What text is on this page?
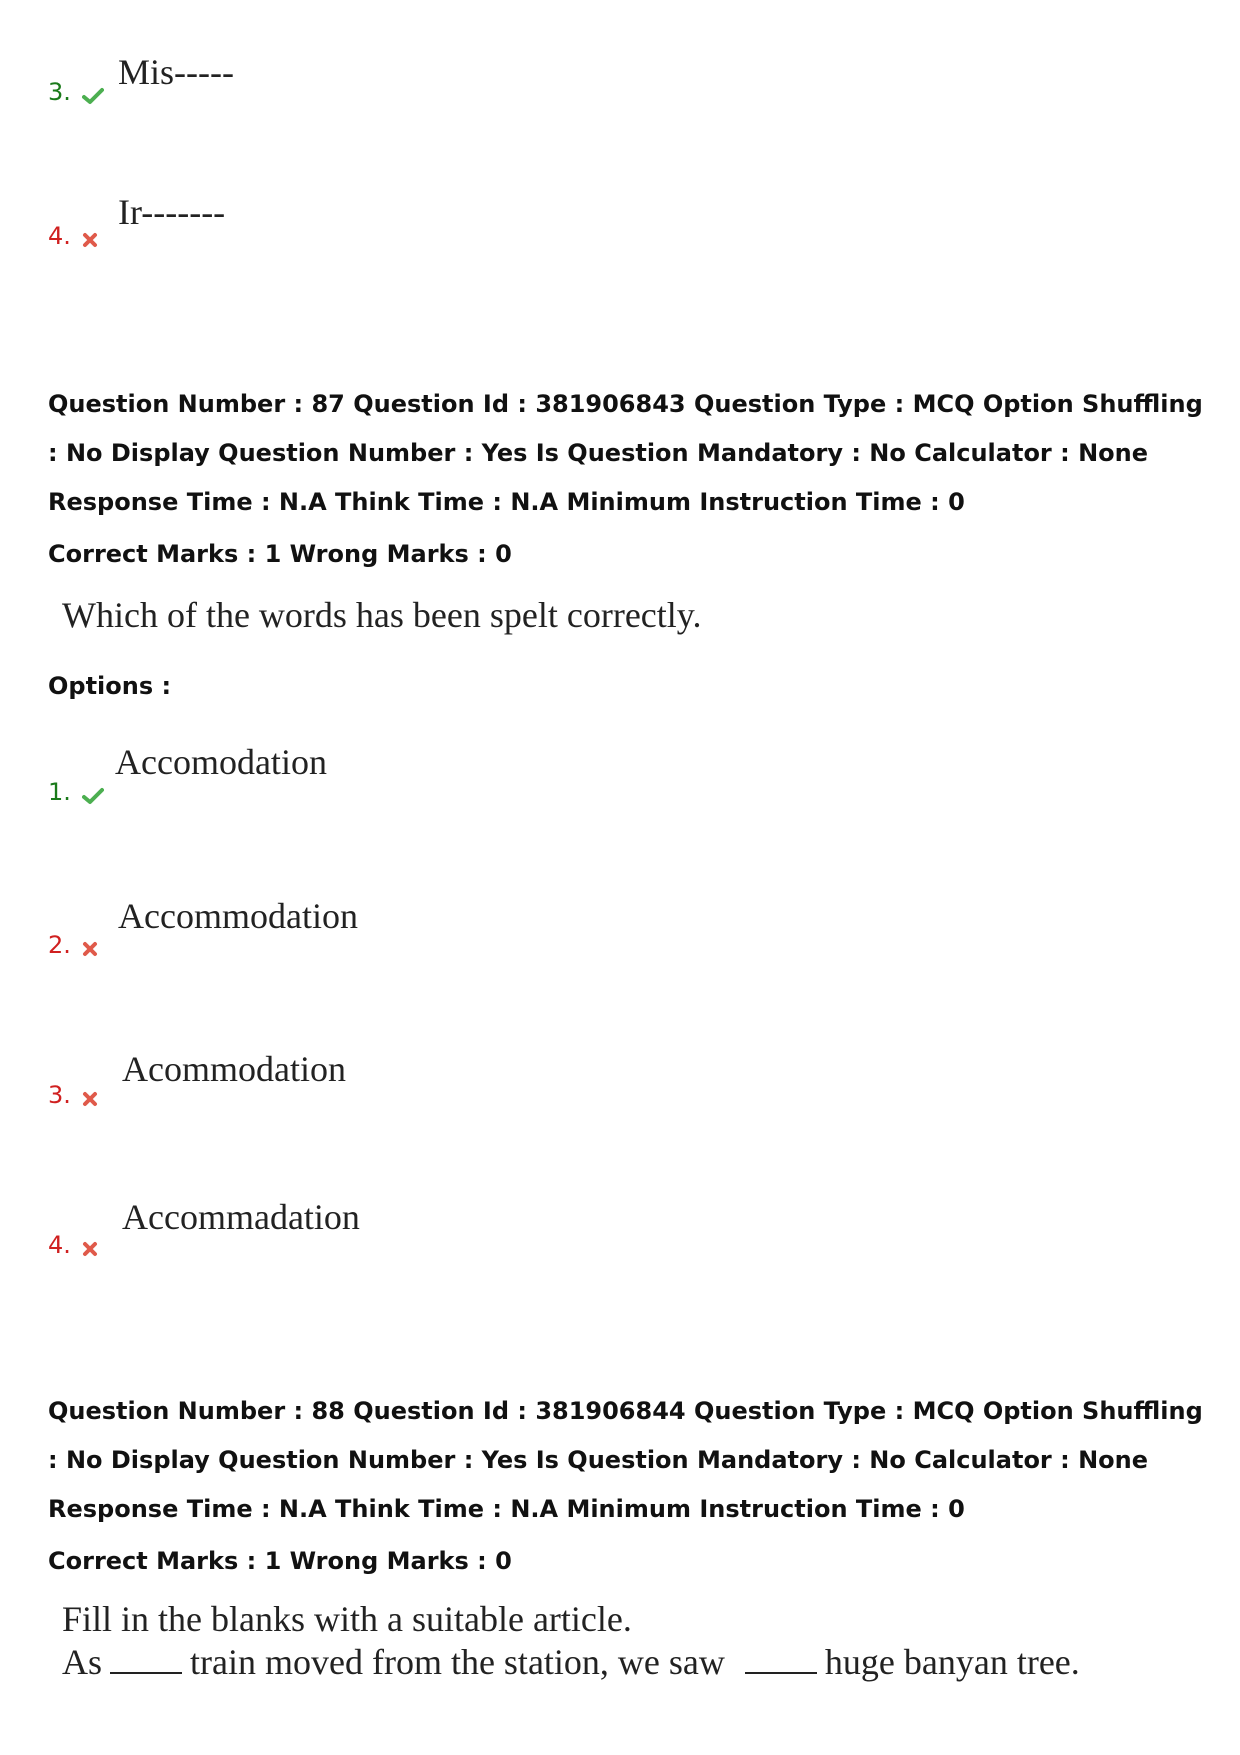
3.	Mis-----
4.
Ir-------
Question Number : 87 Question Id : 381906843 Question Type : MCQ Option Shuffling : No Display Question Number : Yes Is Question Mandatory : No Calculator : None Response Time : N.A Think Time : N.A Minimum Instruction Time : 0
Correct Marks : 1 Wrong Marks : 0
Which of the words has been spelt correctly.
Options :
1.
Accomodation
2.
Accommodation
3.
Acommodation
4.
Accommadation
Question Number : 88 Question Id : 381906844 Question Type : MCQ Option Shuffling : No Display Question Number : Yes Is Question Mandatory : No Calculator : None Response Time : N.A Think Time : N.A Minimum Instruction Time : 0
Correct Marks : 1 Wrong Marks : 0
Fill in the blanks with a suitable article.
As train moved from the station, we saw	huge banyan tree.
